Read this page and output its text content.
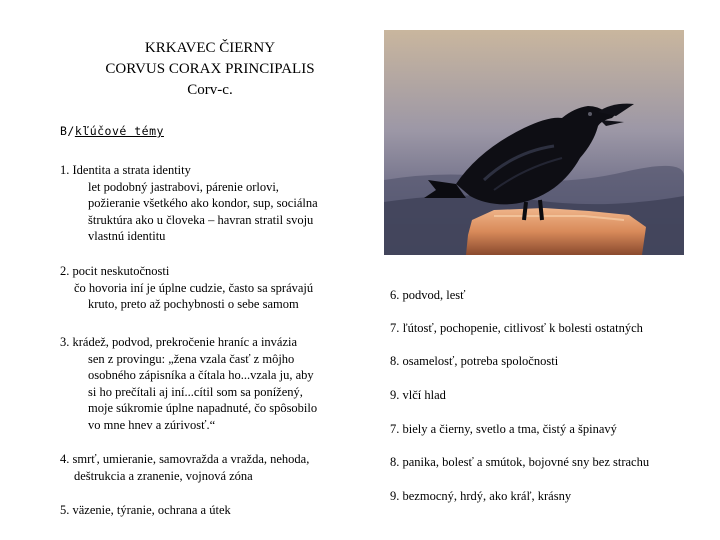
KRKAVEC ČIERNY
CORVUS CORAX PRINCIPALIS
Corv-c.
B/kľúčové témy
1. Identita a strata identity
let podobný jastrabovi, párenie orlovi,
požieranie všetkého ako kondor, sup, sociálna
štruktúra ako u človeka – havran stratil svoju
vlastnú identitu
2. pocit neskutočnosti
čo hovoria iní je úplne cudzie, často sa správajú
kruto, preto až pochybnosti o sebe samom
3. krádež, podvod, prekročenie hraníc a invázia
sen z provingu: „žena vzala časť z môjho
osobného zápisníka a čítala ho...vzala ju, aby
si ho prečítali aj iní...cítil som sa ponížený,
moje súkromie úplne napadnuté, čo spôsobilo
vo mne hnev a zúrivosť.“
4. smrť, umieranie, samovražda a vražda, nehoda,
deštrukcia a zranenie, vojnová zóna
5. väzenie, týranie, ochrana a útek
6. podvod, lesť
7. ľútosť, pochopenie, citlivosť k bolesti ostatných
8. osamelosť, potreba spoločnosti
9. vlčí hlad
7. biely a čierny, svetlo a tma, čistý a špinavý
8. panika, bolesť a smútok, bojovné sny bez strachu
9. bezmocný, hrdý, ako kráľ, krásny
